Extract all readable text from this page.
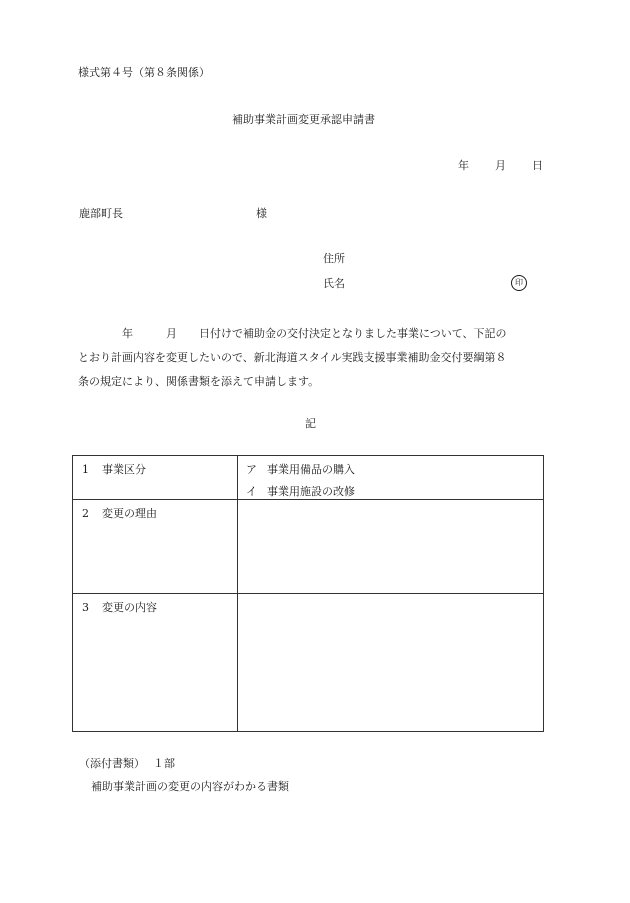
様式第４号（第８条関係）
補助事業計画変更承認申請書
年 月 日
鹿部町長	様
住所
氏名	印
　　　　年　　　月　　日付けで補助金の交付決定となりました事業について、下記の
とおり計画内容を変更したいので、新北海道スタイル実践支援事業補助金交付要綱第８
条の規定により、関係書類を添えて申請します。
記
1 事業区分	ア 事業用備品の購入
イ 事業用施設の改修
2 変更の理由
3 変更の内容
（添付書類） １部
補助事業計画の変更の内容がわかる書類
